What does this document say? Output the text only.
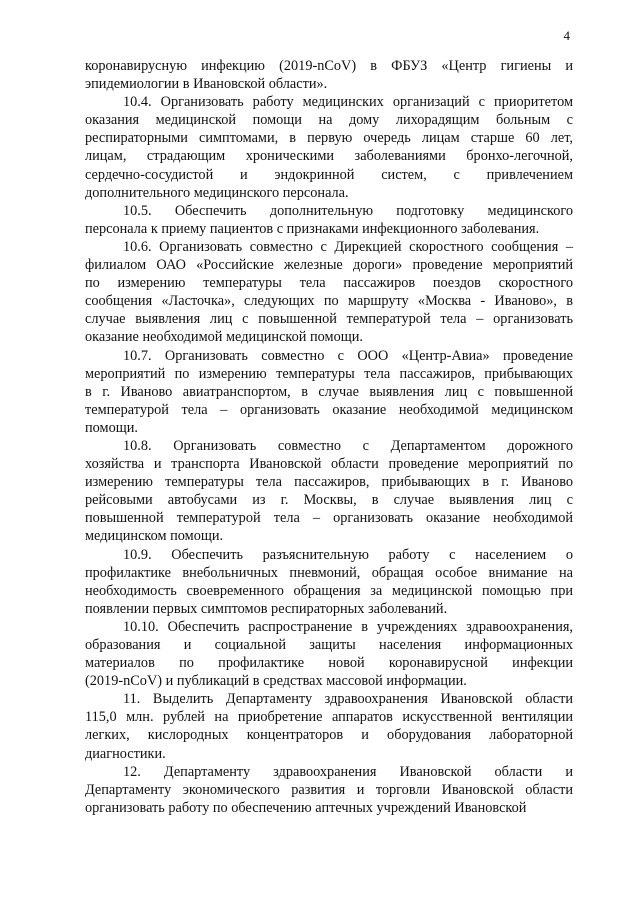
4
коронавирусную инфекцию (2019-nCoV) в ФБУЗ «Центр гигиены и
эпидемиологии в Ивановской области».
10.4. Организовать работу медицинских организаций с приоритетом
оказания медицинской помощи на дому лихорадящим больным с
респираторными симптомами, в первую очередь лицам старше 60 лет,
лицам, страдающим хроническими заболеваниями бронхо-легочной,
сердечно-сосудистой и эндокринной систем, с привлечением
дополнительного медицинского персонала.
10.5. Обеспечить дополнительную подготовку медицинского
персонала к приему пациентов с признаками инфекционного заболевания.
10.6. Организовать совместно с Дирекцией скоростного сообщения –
филиалом ОАО «Российские железные дороги» проведение мероприятий
по измерению температуры тела пассажиров поездов скоростного
сообщения «Ласточка», следующих по маршруту «Москва - Иваново», в
случае выявления лиц с повышенной температурой тела – организовать
оказание необходимой медицинской помощи.
10.7. Организовать совместно с ООО «Центр-Авиа» проведение
мероприятий по измерению температуры тела пассажиров, прибывающих
в г. Иваново авиатранспортом, в случае выявления лиц с повышенной
температурой тела – организовать оказание необходимой медицинском
помощи.
10.8. Организовать совместно с Департаментом дорожного
хозяйства и транспорта Ивановской области проведение мероприятий по
измерению температуры тела пассажиров, прибывающих в г. Иваново
рейсовыми автобусами из г. Москвы, в случае выявления лиц с
повышенной температурой тела – организовать оказание необходимой
медицинском помощи.
10.9. Обеспечить разъяснительную работу с населением о
профилактике внебольничных пневмоний, обращая особое внимание на
необходимость своевременного обращения за медицинской помощью при
появлении первых симптомов респираторных заболеваний.
10.10. Обеспечить распространение в учреждениях здравоохранения,
образования и социальной защиты населения информационных
материалов по профилактике новой коронавирусной инфекции
(2019-nCoV) и публикаций в средствах массовой информации.
11. Выделить Департаменту здравоохранения Ивановской области
115,0 млн. рублей на приобретение аппаратов искусственной вентиляции
легких, кислородных концентраторов и оборудования лабораторной
диагностики.
12. Департаменту здравоохранения Ивановской области и
Департаменту экономического развития и торговли Ивановской области
организовать работу по обеспечению аптечных учреждений Ивановской
